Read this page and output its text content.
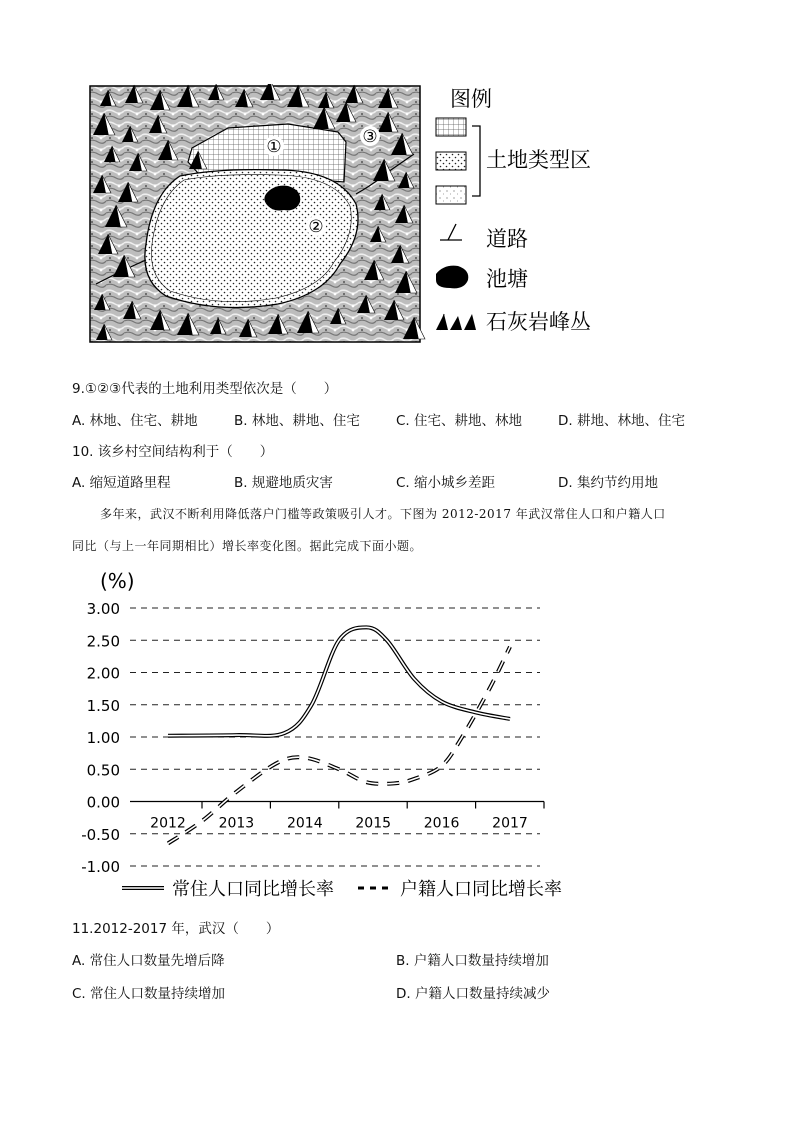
①
②
③
图例
土地类型区
道路
池塘
石灰岩峰丛
9.①②③代表的土地利用类型依次是（　　）
A. 林地、住宅、耕地	B. 林地、耕地、住宅	C. 住宅、耕地、林地	D. 耕地、林地、住宅
10. 该乡村空间结构利于（　　）
A. 缩短道路里程	B. 规避地质灾害	C. 缩小城乡差距	D. 集约节约用地
多年来，武汉不断利用降低落户门槛等政策吸引人才。下图为 2012-2017 年武汉常住人口和户籍人口
同比（与上一年同期相比）增长率变化图。据此完成下面小题。
(%)
3.00
2.50
2.00
1.50
1.00
0.50
0.00
-0.50
-1.00
2012 2013 2014 2015 2016 2017
常住人口同比增长率	户籍人口同比增长率
11.2012-2017 年，武汉（　　）
A. 常住人口数量先增后降	B. 户籍人口数量持续增加
C. 常住人口数量持续增加	D. 户籍人口数量持续减少
